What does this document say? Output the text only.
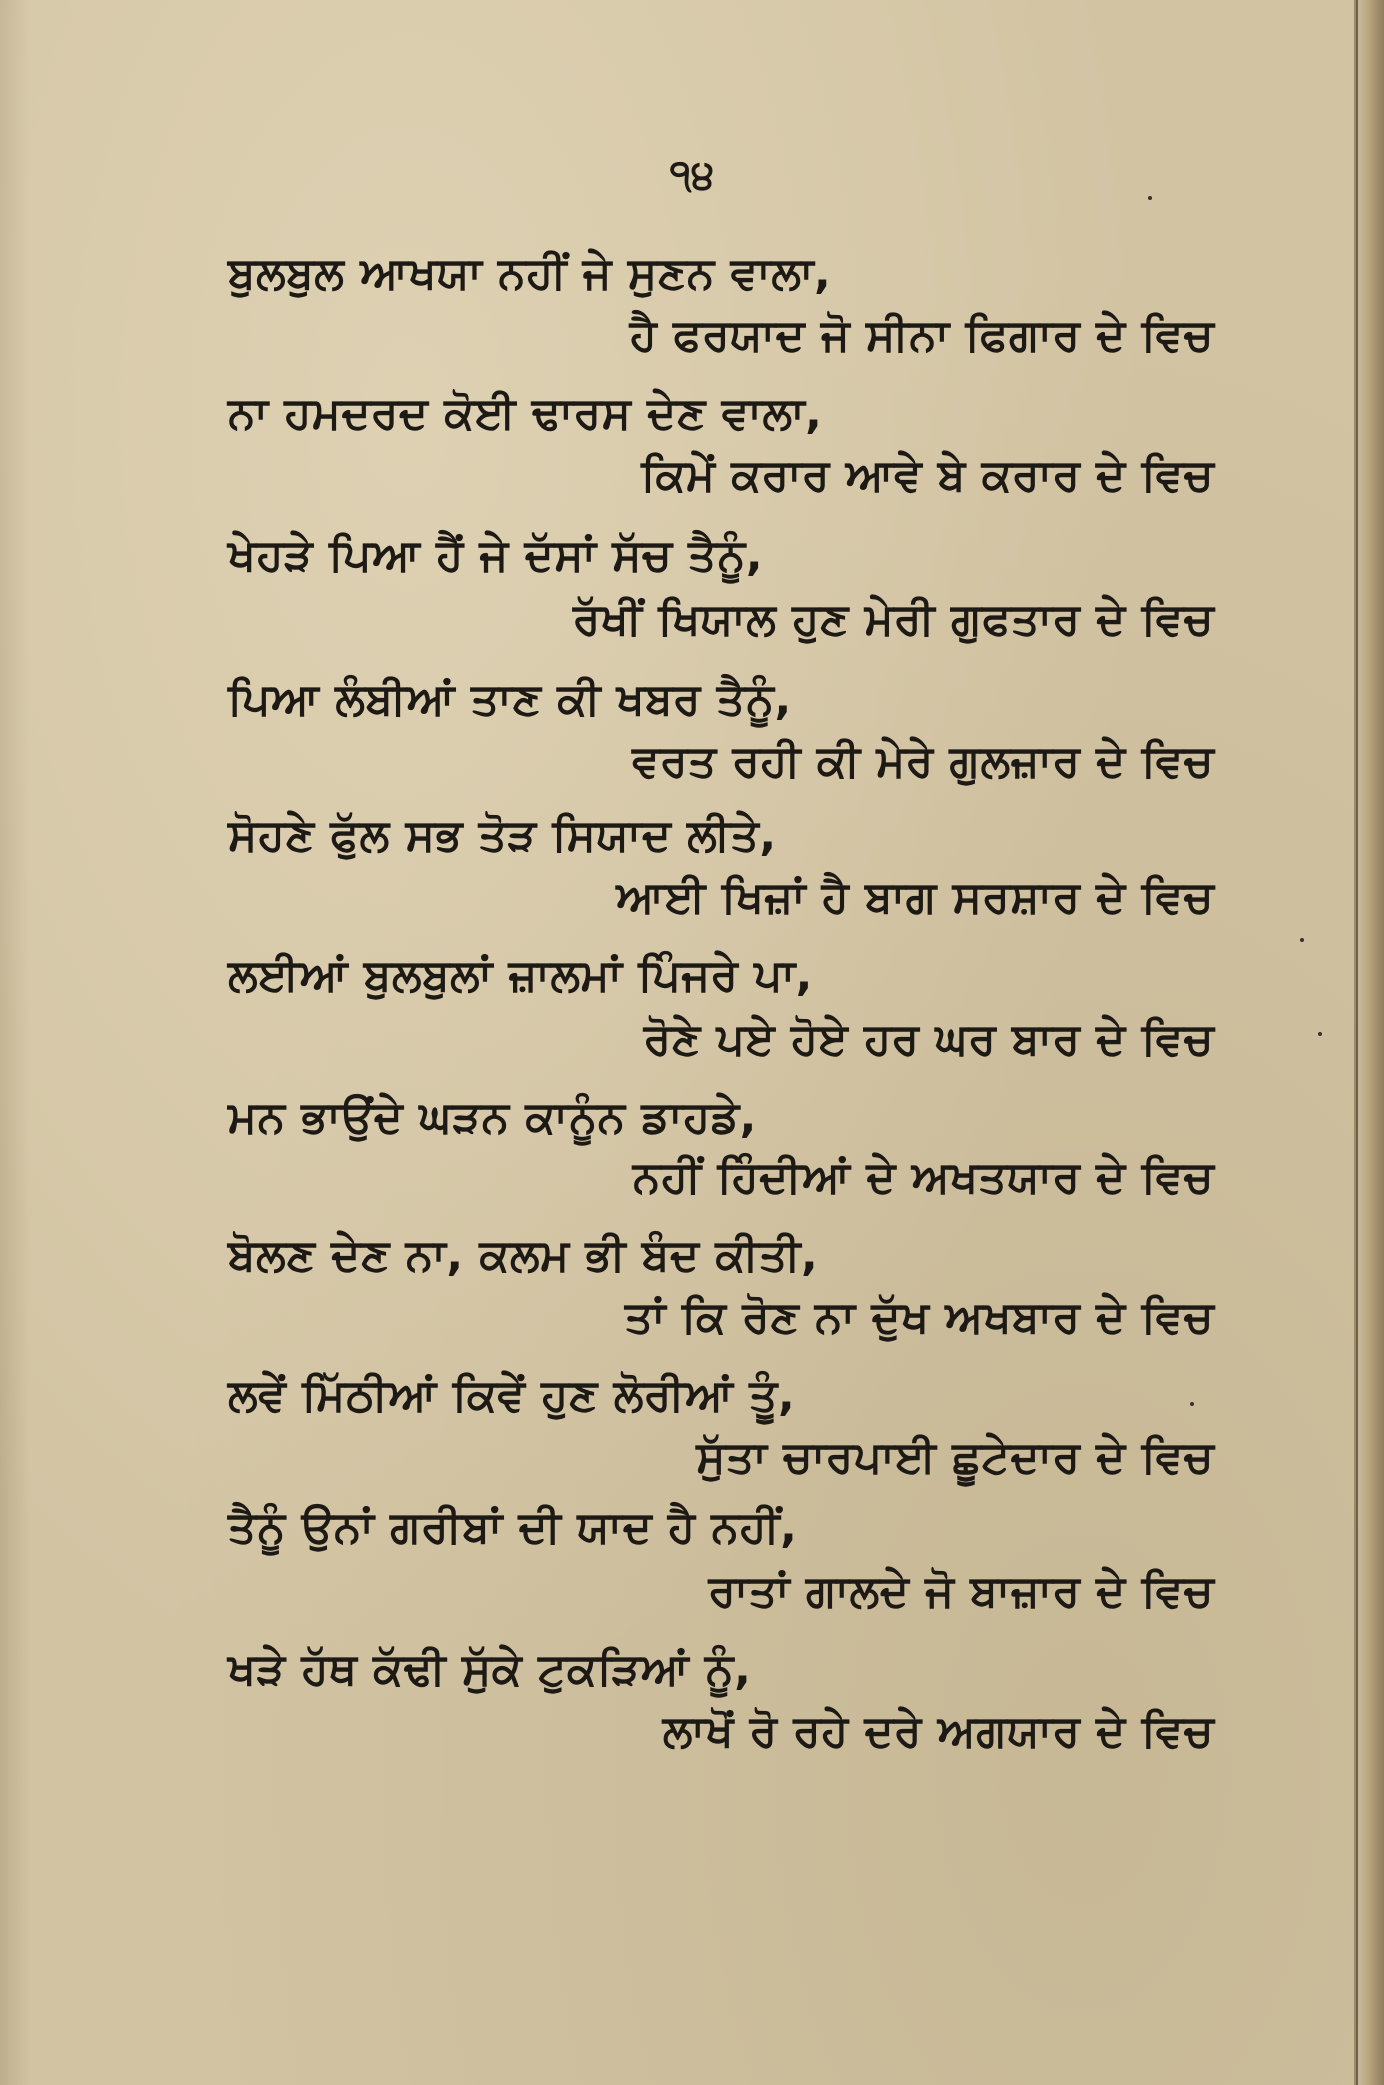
੧੪
ਬੁਲਬੁਲ ਆਖਯਾ ਨਹੀਂ ਜੇ ਸੁਣਨ ਵਾਲਾ,
ਹੈ ਫਰਯਾਦ ਜੋ ਸੀਨਾ ਫਿਗਾਰ ਦੇ ਵਿਚ
ਨਾ ਹਮਦਰਦ ਕੋਈ ਢਾਰਸ ਦੇਣ ਵਾਲਾ,
ਕਿਮੇਂ ਕਰਾਰ ਆਵੇ ਬੇ ਕਰਾਰ ਦੇ ਵਿਚ
ਖੇਹੜੇ ਪਿਆ ਹੈਂ ਜੇ ਦੱਸਾਂ ਸੱਚ ਤੈਨੂੰ,
ਰੱਖੀਂ ਖਿਯਾਲ ਹੁਣ ਮੇਰੀ ਗੁਫਤਾਰ ਦੇ ਵਿਚ
ਪਿਆ ਲੰਬੀਆਂ ਤਾਣ ਕੀ ਖਬਰ ਤੈਨੂੰ,
ਵਰਤ ਰਹੀ ਕੀ ਮੇਰੇ ਗੁਲਜ਼ਾਰ ਦੇ ਵਿਚ
ਸੋਹਣੇ ਫੁੱਲ ਸਭ ਤੋੜ ਸਿਯਾਦ ਲੀਤੇ,
ਆਈ ਖਿਜ਼ਾਂ ਹੈ ਬਾਗ ਸਰਸ਼ਾਰ ਦੇ ਵਿਚ
ਲਈਆਂ ਬੁਲਬੁਲਾਂ ਜ਼ਾਲਮਾਂ ਪਿੰਜਰੇ ਪਾ,
ਰੋਣੇ ਪਏ ਹੋਏ ਹਰ ਘਰ ਬਾਰ ਦੇ ਵਿਚ
ਮਨ ਭਾਉਂਦੇ ਘੜਨ ਕਾਨੂੰਨ ਡਾਹਡੇ,
ਨਹੀਂ ਹਿੰਦੀਆਂ ਦੇ ਅਖਤਯਾਰ ਦੇ ਵਿਚ
ਬੋਲਣ ਦੇਣ ਨਾ, ਕਲਮ ਭੀ ਬੰਦ ਕੀਤੀ,
ਤਾਂ ਕਿ ਰੋਣ ਨਾ ਦੁੱਖ ਅਖਬਾਰ ਦੇ ਵਿਚ
ਲਵੇਂ ਮਿੱਠੀਆਂ ਕਿਵੇਂ ਹੁਣ ਲੋਰੀਆਂ ਤੂੰ,
ਸੁੱਤਾ ਚਾਰਪਾਈ ਛੂਟੇਦਾਰ ਦੇ ਵਿਚ
ਤੈਨੂੰ ਉਨਾਂ ਗਰੀਬਾਂ ਦੀ ਯਾਦ ਹੈ ਨਹੀਂ,
ਰਾਤਾਂ ਗਾਲਦੇ ਜੋ ਬਾਜ਼ਾਰ ਦੇ ਵਿਚ
ਖੜੇ ਹੱਥ ਕੱਢੀ ਸੁੱਕੇ ਟੁਕੜਿਆਂ ਨੂੰ,
ਲਾਖੋਂ ਰੋ ਰਹੇ ਦਰੇ ਅਗਯਾਰ ਦੇ ਵਿਚ
